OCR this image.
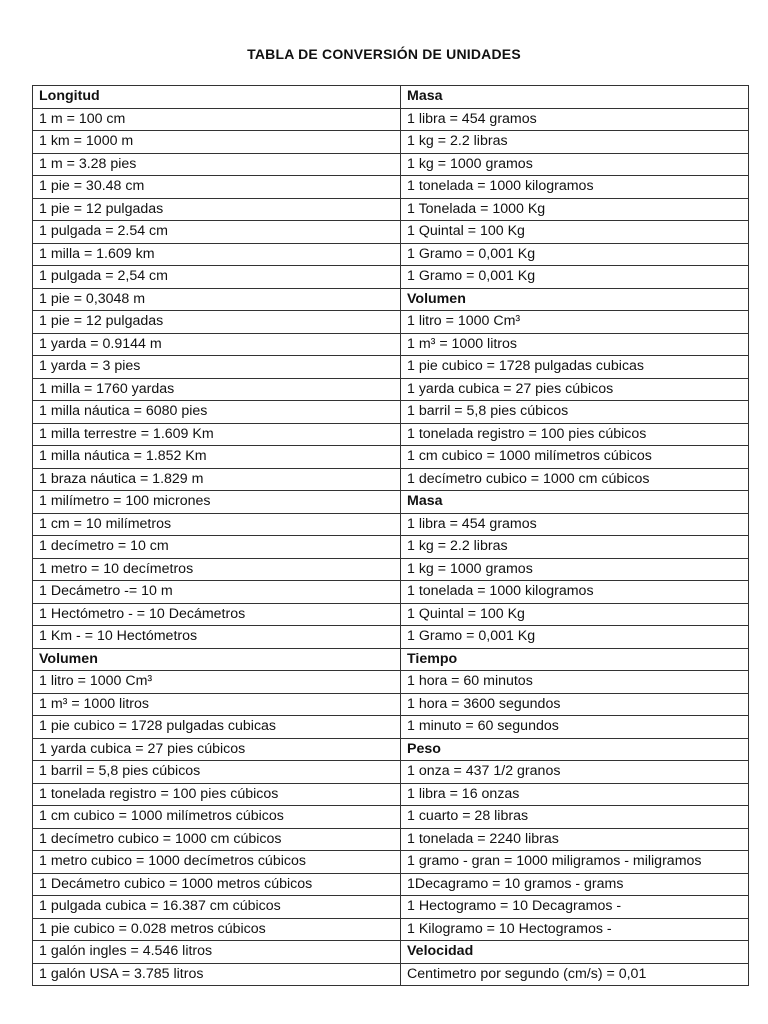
TABLA DE CONVERSIÓN DE UNIDADES
Longitud	Masa
1 m = 100 cm	1 libra = 454 gramos
1 km = 1000 m	1 kg = 2.2 libras
1 m = 3.28 pies	1 kg = 1000 gramos
1 pie = 30.48 cm	1 tonelada = 1000 kilogramos
1 pie = 12 pulgadas	1 Tonelada = 1000 Kg
1 pulgada = 2.54 cm	1 Quintal = 100 Kg
1 milla = 1.609 km	1 Gramo = 0,001 Kg
1 pulgada = 2,54 cm	1 Gramo = 0,001 Kg
1 pie = 0,3048 m	Volumen
1 pie = 12 pulgadas	1 litro = 1000 Cm³
1 yarda = 0.9144 m	1 m³ = 1000 litros
1 yarda = 3 pies	1 pie cubico = 1728 pulgadas cubicas
1 milla = 1760 yardas	1 yarda cubica = 27 pies cúbicos
1 milla náutica = 6080 pies	1 barril = 5,8 pies cúbicos
1 milla terrestre = 1.609 Km	1 tonelada registro = 100 pies cúbicos
1 milla náutica = 1.852 Km	1 cm cubico = 1000 milímetros cúbicos
1 braza náutica = 1.829 m	1 decímetro cubico = 1000 cm cúbicos
1 milímetro = 100 micrones	Masa
1 cm = 10 milímetros	1 libra = 454 gramos
1 decímetro = 10 cm	1 kg = 2.2 libras
1 metro = 10 decímetros	1 kg = 1000 gramos
1 Decámetro -= 10 m	1 tonelada = 1000 kilogramos
1 Hectómetro - = 10 Decámetros	1 Quintal = 100 Kg
1 Km - = 10 Hectómetros	1 Gramo = 0,001 Kg
Volumen	Tiempo
1 litro = 1000 Cm³	1 hora = 60 minutos
1 m³ = 1000 litros	1 hora = 3600 segundos
1 pie cubico = 1728 pulgadas cubicas	1 minuto = 60 segundos
1 yarda cubica = 27 pies cúbicos	Peso
1 barril = 5,8 pies cúbicos	1 onza = 437 1/2 granos
1 tonelada registro = 100 pies cúbicos	1 libra = 16 onzas
1 cm cubico = 1000 milímetros cúbicos	1 cuarto = 28 libras
1 decímetro cubico = 1000 cm cúbicos	1 tonelada = 2240 libras
1 metro cubico = 1000 decímetros cúbicos	1 gramo - gran = 1000 miligramos - miligramos
1 Decámetro cubico = 1000 metros cúbicos	1Decagramo = 10 gramos - grams
1 pulgada cubica = 16.387 cm cúbicos	1 Hectogramo = 10 Decagramos -
1 pie cubico = 0.028 metros cúbicos	1 Kilogramo = 10 Hectogramos -
1 galón ingles = 4.546 litros	Velocidad
1 galón USA = 3.785 litros	Centimetro por segundo (cm/s) = 0,01
